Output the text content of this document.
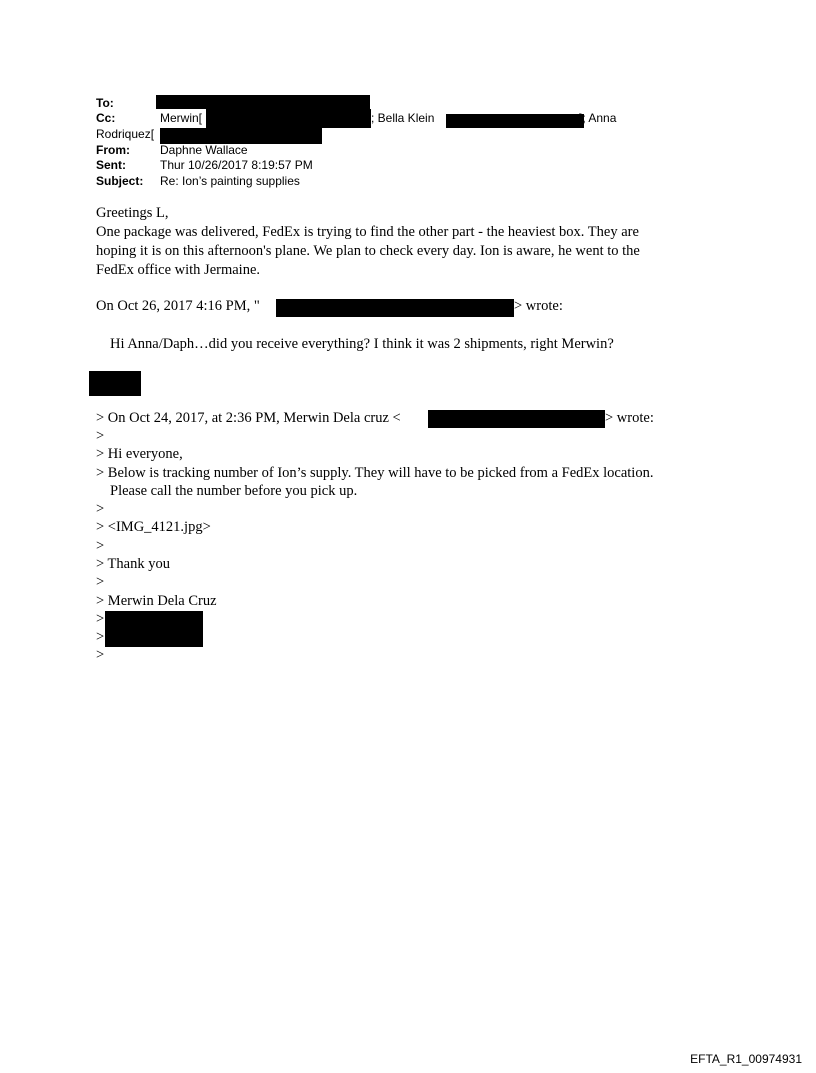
To:
Cc:	Merwin[	; Bella Klein	]; Anna
Rodriquez[
From:	Daphne Wallace
Sent:	Thur 10/26/2017 8:19:57 PM
Subject: Re: Ion’s painting supplies
Greetings L,
One package was delivered, FedEx is trying to find the other part - the heaviest box. They are
hoping it is on this afternoon's plane. We plan to check every day. Ion is aware, he went to the
FedEx office with Jermaine.
On Oct 26, 2017 4:16 PM, "	> wrote:
Hi Anna/Daph…did you receive everything? I think it was 2 shipments, right Merwin?
> On Oct 24, 2017, at 2:36 PM, Merwin Dela cruz <	> wrote:
>
> Hi everyone,
> Below is tracking number of Ion’s supply. They will have to be picked from a FedEx location.
Please call the number before you pick up.
>
> <IMG_4121.jpg>
>
> Thank you
>
> Merwin Dela Cruz
>
>
>
EFTA_R1_00974931
